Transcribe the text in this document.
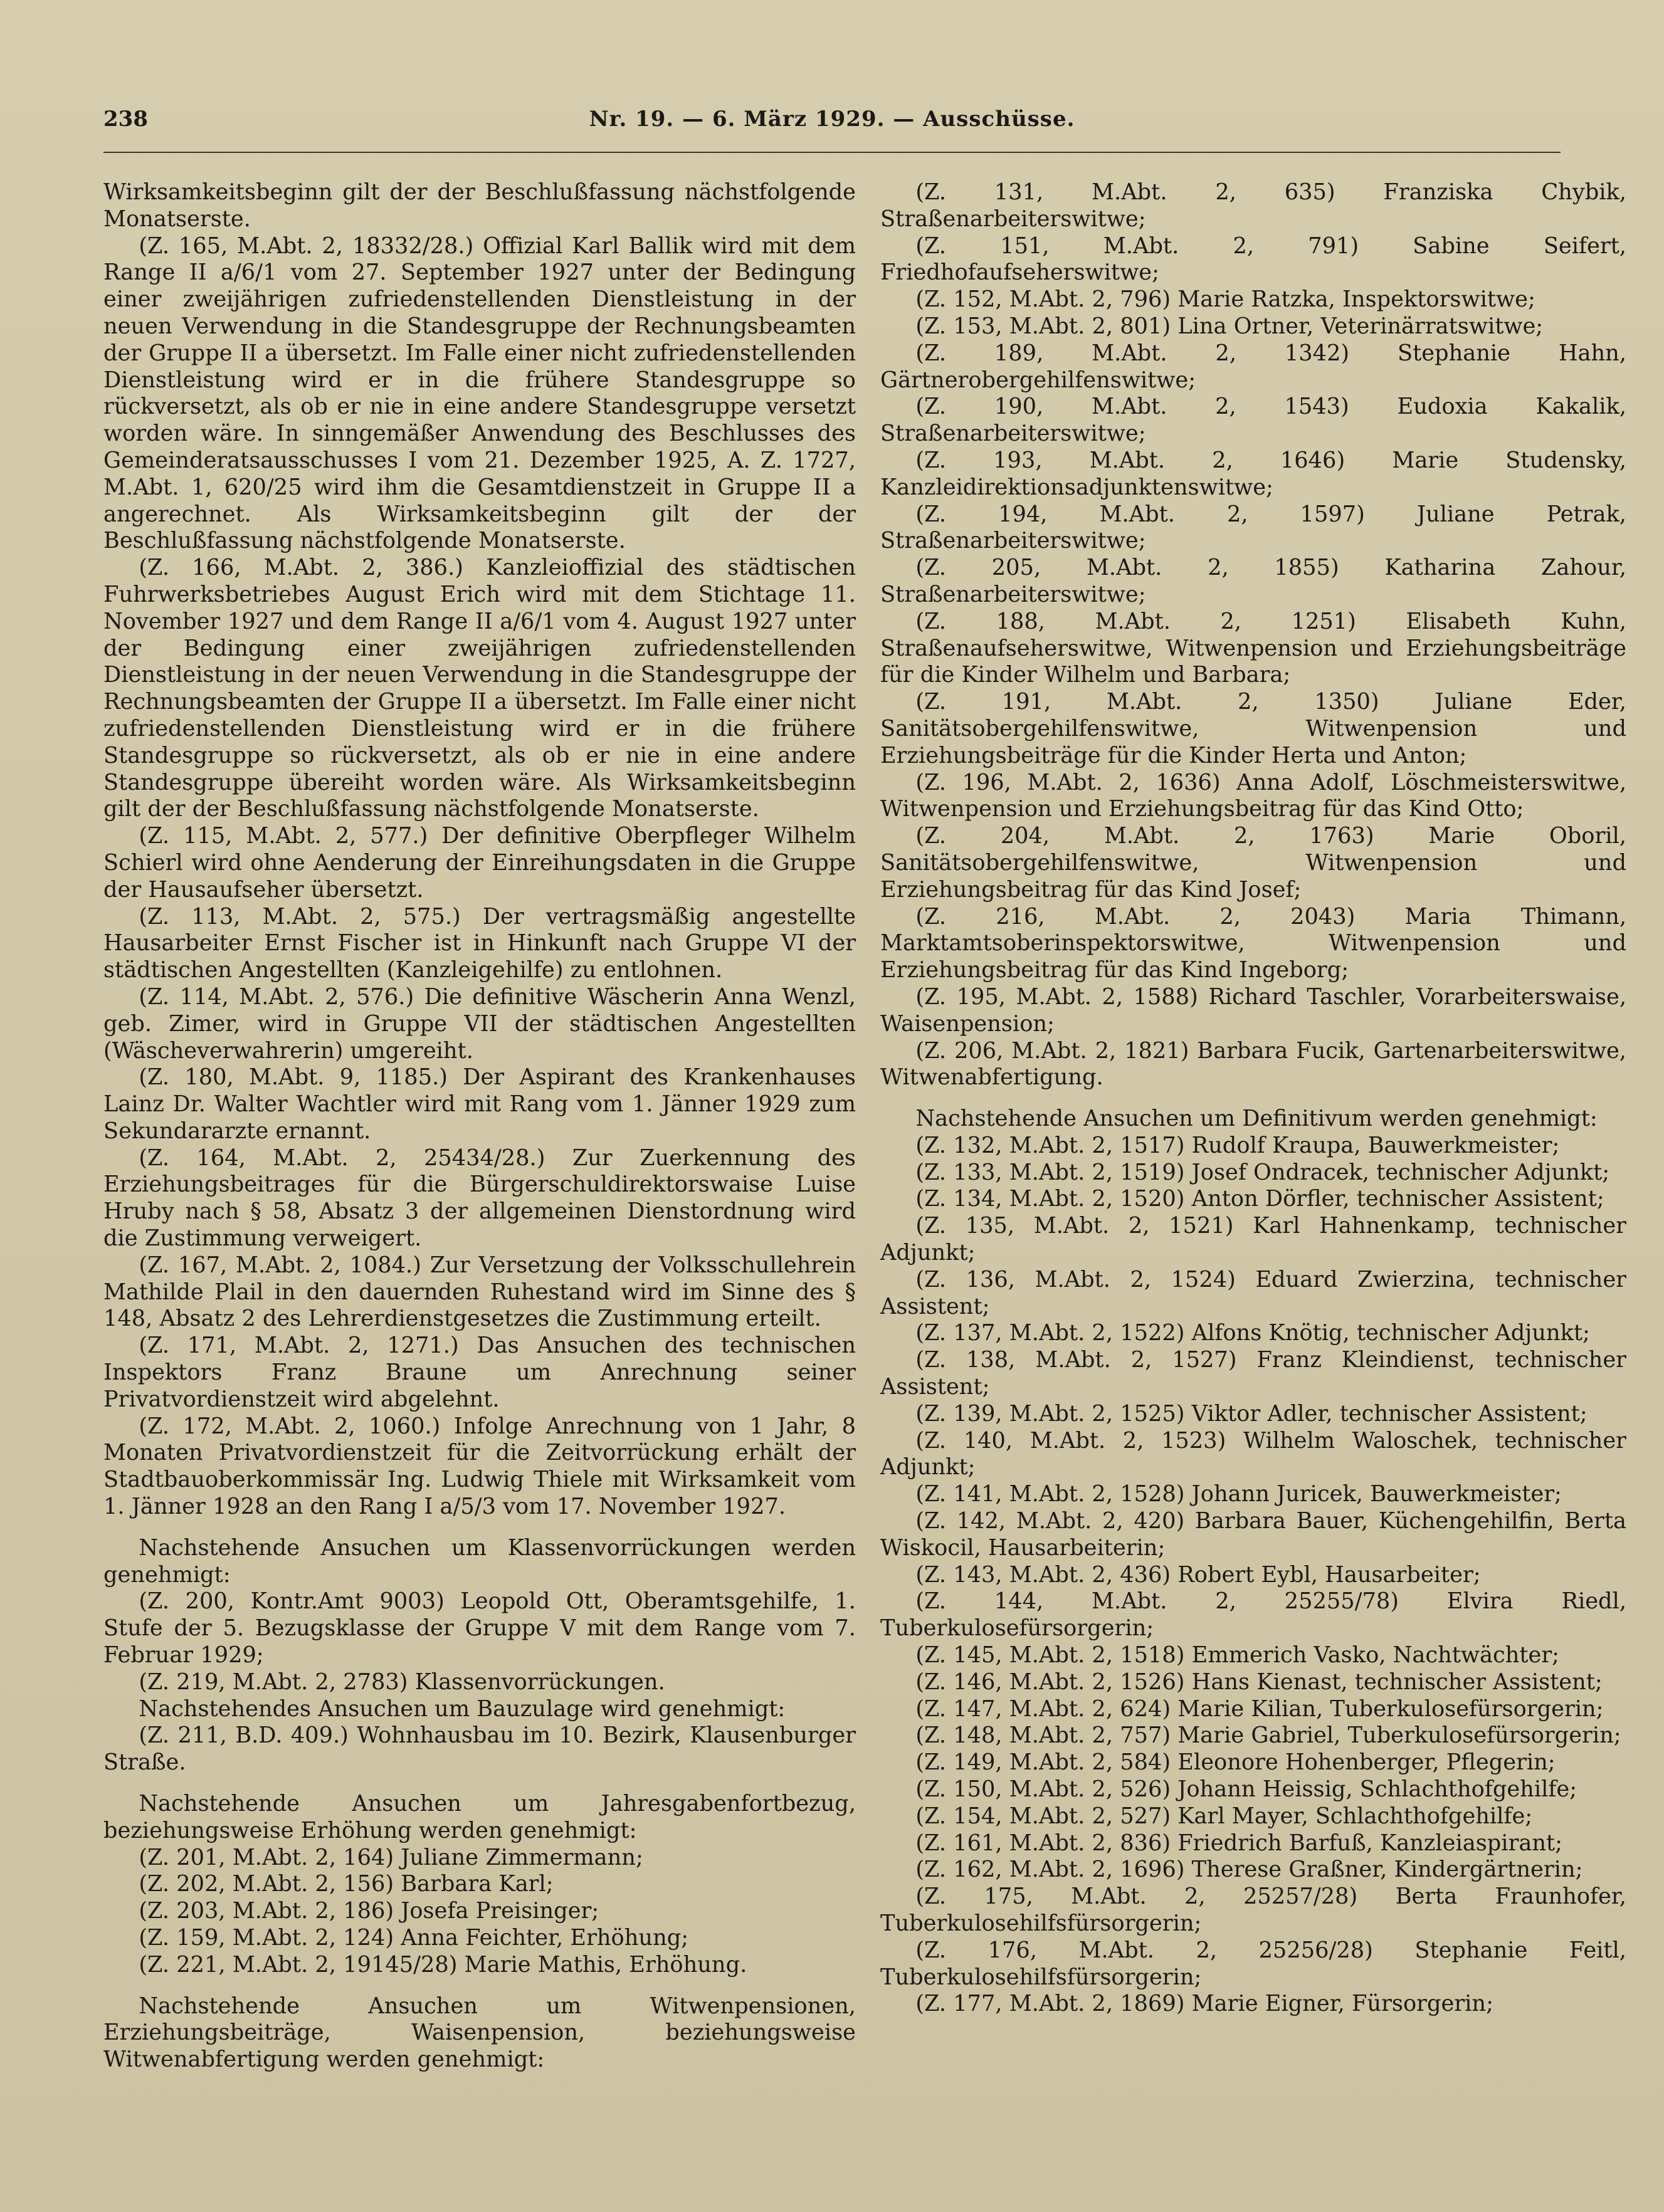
238	Nr. 19. — 6. März 1929. — Ausschüsse.

Wirksamkeitsbeginn gilt der der Beschlußfassung nächstfolgende Monatserste.

(Z. 165, M.Abt. 2, 18332/28.) Offizial Karl Ballik wird mit dem Range II a/6/1 vom 27. September 1927 unter der Bedingung einer zweijährigen zufriedenstellenden Dienstleistung in der neuen Verwendung in die Standesgruppe der Rechnungsbeamten der Gruppe II a übersetzt. Im Falle einer nicht zufriedenstellenden Dienstleistung wird er in die frühere Standesgruppe so rückversetzt, als ob er nie in eine andere Standesgruppe versetzt worden wäre. In sinngemäßer Anwendung des Beschlusses des Gemeinderatsausschusses I vom 21. Dezember 1925, A. Z. 1727, M.Abt. 1, 620/25 wird ihm die Gesamtdienstzeit in Gruppe II a angerechnet. Als Wirksamkeitsbeginn gilt der der Beschlußfassung nächstfolgende Monatserste.

(Z. 166, M.Abt. 2, 386.) Kanzleioffizial des städtischen Fuhrwerksbetriebes August Erich wird mit dem Stichtage 11. November 1927 und dem Range II a/6/1 vom 4. August 1927 unter der Bedingung einer zweijährigen zufriedenstellenden Dienstleistung in der neuen Verwendung in die Standesgruppe der Rechnungsbeamten der Gruppe II a übersetzt. Im Falle einer nicht zufriedenstellenden Dienstleistung wird er in die frühere Standesgruppe so rückversetzt, als ob er nie in eine andere Standesgruppe übereiht worden wäre. Als Wirksamkeitsbeginn gilt der der Beschlußfassung nächstfolgende Monatserste.

(Z. 115, M.Abt. 2, 577.) Der definitive Oberpfleger Wilhelm Schierl wird ohne Aenderung der Einreihungsdaten in die Gruppe der Hausaufseher übersetzt.

(Z. 113, M.Abt. 2, 575.) Der vertragsmäßig angestellte Hausarbeiter Ernst Fischer ist in Hinkunft nach Gruppe VI der städtischen Angestellten (Kanzleigehilfe) zu entlohnen.

(Z. 114, M.Abt. 2, 576.) Die definitive Wäscherin Anna Wenzl, geb. Zimer, wird in Gruppe VII der städtischen Angestellten (Wäscheverwahrerin) umgereiht.

(Z. 180, M.Abt. 9, 1185.) Der Aspirant des Krankenhauses Lainz Dr. Walter Wachtler wird mit Rang vom 1. Jänner 1929 zum Sekundararzte ernannt.

(Z. 164, M.Abt. 2, 25434/28.) Zur Zuerkennung des Erziehungsbeitrages für die Bürgerschuldirektorswaise Luise Hruby nach § 58, Absatz 3 der allgemeinen Dienstordnung wird die Zustimmung verweigert.

(Z. 167, M.Abt. 2, 1084.) Zur Versetzung der Volksschullehrein Mathilde Plail in den dauernden Ruhestand wird im Sinne des § 148, Absatz 2 des Lehrerdienstgesetzes die Zustimmung erteilt.

(Z. 171, M.Abt. 2, 1271.) Das Ansuchen des technischen Inspektors Franz Braune um Anrechnung seiner Privatvordienstzeit wird abgelehnt.

(Z. 172, M.Abt. 2, 1060.) Infolge Anrechnung von 1 Jahr, 8 Monaten Privatvordienstzeit für die Zeitvorrückung erhält der Stadtbauoberkommissär Ing. Ludwig Thiele mit Wirksamkeit vom 1. Jänner 1928 an den Rang I a/5/3 vom 17. November 1927.

Nachstehende Ansuchen um Klassenvorrückungen werden genehmigt:

(Z. 200, Kontr.Amt 9003) Leopold Ott, Oberamtsgehilfe, 1. Stufe der 5. Bezugsklasse der Gruppe V mit dem Range vom 7. Februar 1929;

(Z. 219, M.Abt. 2, 2783) Klassenvorrückungen.

Nachstehendes Ansuchen um Bauzulage wird genehmigt:

(Z. 211, B.D. 409.) Wohnhausbau im 10. Bezirk, Klausenburger Straße.

Nachstehende Ansuchen um Jahresgabenfortbezug, beziehungsweise Erhöhung werden genehmigt:

(Z. 201, M.Abt. 2, 164) Juliane Zimmermann;

(Z. 202, M.Abt. 2, 156) Barbara Karl;

(Z. 203, M.Abt. 2, 186) Josefa Preisinger;

(Z. 159, M.Abt. 2, 124) Anna Feichter, Erhöhung;

(Z. 221, M.Abt. 2, 19145/28) Marie Mathis, Erhöhung.

Nachstehende Ansuchen um Witwenpensionen, Erziehungsbeiträge, Waisenpension, beziehungsweise Witwenabfertigung werden genehmigt:

(Z. 131, M.Abt. 2, 635) Franziska Chybik, Straßenarbeiterswitwe;

(Z. 151, M.Abt. 2, 791) Sabine Seifert, Friedhofaufseherswitwe;

(Z. 152, M.Abt. 2, 796) Marie Ratzka, Inspektorswitwe;

(Z. 153, M.Abt. 2, 801) Lina Ortner, Veterinärratswitwe;

(Z. 189, M.Abt. 2, 1342) Stephanie Hahn, Gärtnerobergehilfenswitwe;

(Z. 190, M.Abt. 2, 1543) Eudoxia Kakalik, Straßenarbeiterswitwe;

(Z. 193, M.Abt. 2, 1646) Marie Studensky, Kanzleidirektionsadjunktenswitwe;

(Z. 194, M.Abt. 2, 1597) Juliane Petrak, Straßenarbeiterswitwe;

(Z. 205, M.Abt. 2, 1855) Katharina Zahour, Straßenarbeiterswitwe;

(Z. 188, M.Abt. 2, 1251) Elisabeth Kuhn, Straßenaufseherswitwe, Witwenpension und Erziehungsbeiträge für die Kinder Wilhelm und Barbara;

(Z. 191, M.Abt. 2, 1350) Juliane Eder, Sanitätsobergehilfenswitwe, Witwenpension und Erziehungsbeiträge für die Kinder Herta und Anton;

(Z. 196, M.Abt. 2, 1636) Anna Adolf, Löschmeisterswitwe, Witwenpension und Erziehungsbeitrag für das Kind Otto;

(Z. 204, M.Abt. 2, 1763) Marie Oboril, Sanitätsobergehilfenswitwe, Witwenpension und Erziehungsbeitrag für das Kind Josef;

(Z. 216, M.Abt. 2, 2043) Maria Thimann, Marktamtsoberinspektorswitwe, Witwenpension und Erziehungsbeitrag für das Kind Ingeborg;

(Z. 195, M.Abt. 2, 1588) Richard Taschler, Vorarbeiterswaise, Waisenpension;

(Z. 206, M.Abt. 2, 1821) Barbara Fucik, Gartenarbeiterswitwe, Witwenabfertigung.

Nachstehende Ansuchen um Definitivum werden genehmigt:

(Z. 132, M.Abt. 2, 1517) Rudolf Kraupa, Bauwerkmeister;

(Z. 133, M.Abt. 2, 1519) Josef Ondracek, technischer Adjunkt;

(Z. 134, M.Abt. 2, 1520) Anton Dörfler, technischer Assistent;

(Z. 135, M.Abt. 2, 1521) Karl Hahnenkamp, technischer Adjunkt;

(Z. 136, M.Abt. 2, 1524) Eduard Zwierzina, technischer Assistent;

(Z. 137, M.Abt. 2, 1522) Alfons Knötig, technischer Adjunkt;

(Z. 138, M.Abt. 2, 1527) Franz Kleindienst, technischer Assistent;

(Z. 139, M.Abt. 2, 1525) Viktor Adler, technischer Assistent;

(Z. 140, M.Abt. 2, 1523) Wilhelm Waloschek, technischer Adjunkt;

(Z. 141, M.Abt. 2, 1528) Johann Juricek, Bauwerkmeister;

(Z. 142, M.Abt. 2, 420) Barbara Bauer, Küchengehilfin, Berta Wiskocil, Hausarbeiterin;

(Z. 143, M.Abt. 2, 436) Robert Eybl, Hausarbeiter;

(Z. 144, M.Abt. 2, 25255/78) Elvira Riedl, Tuberkulosefürsorgerin;

(Z. 145, M.Abt. 2, 1518) Emmerich Vasko, Nachtwächter;

(Z. 146, M.Abt. 2, 1526) Hans Kienast, technischer Assistent;

(Z. 147, M.Abt. 2, 624) Marie Kilian, Tuberkulosefürsorgerin;

(Z. 148, M.Abt. 2, 757) Marie Gabriel, Tuberkulosefürsorgerin;

(Z. 149, M.Abt. 2, 584) Eleonore Hohenberger, Pflegerin;

(Z. 150, M.Abt. 2, 526) Johann Heissig, Schlachthofgehilfe;

(Z. 154, M.Abt. 2, 527) Karl Mayer, Schlachthofgehilfe;

(Z. 161, M.Abt. 2, 836) Friedrich Barfuß, Kanzleiaspirant;

(Z. 162, M.Abt. 2, 1696) Therese Graßner, Kindergärtnerin;

(Z. 175, M.Abt. 2, 25257/28) Berta Fraunhofer, Tuberkulosehilfsfürsorgerin;

(Z. 176, M.Abt. 2, 25256/28) Stephanie Feitl, Tuberkulosehilfsfürsorgerin;

(Z. 177, M.Abt. 2, 1869) Marie Eigner, Fürsorgerin;
